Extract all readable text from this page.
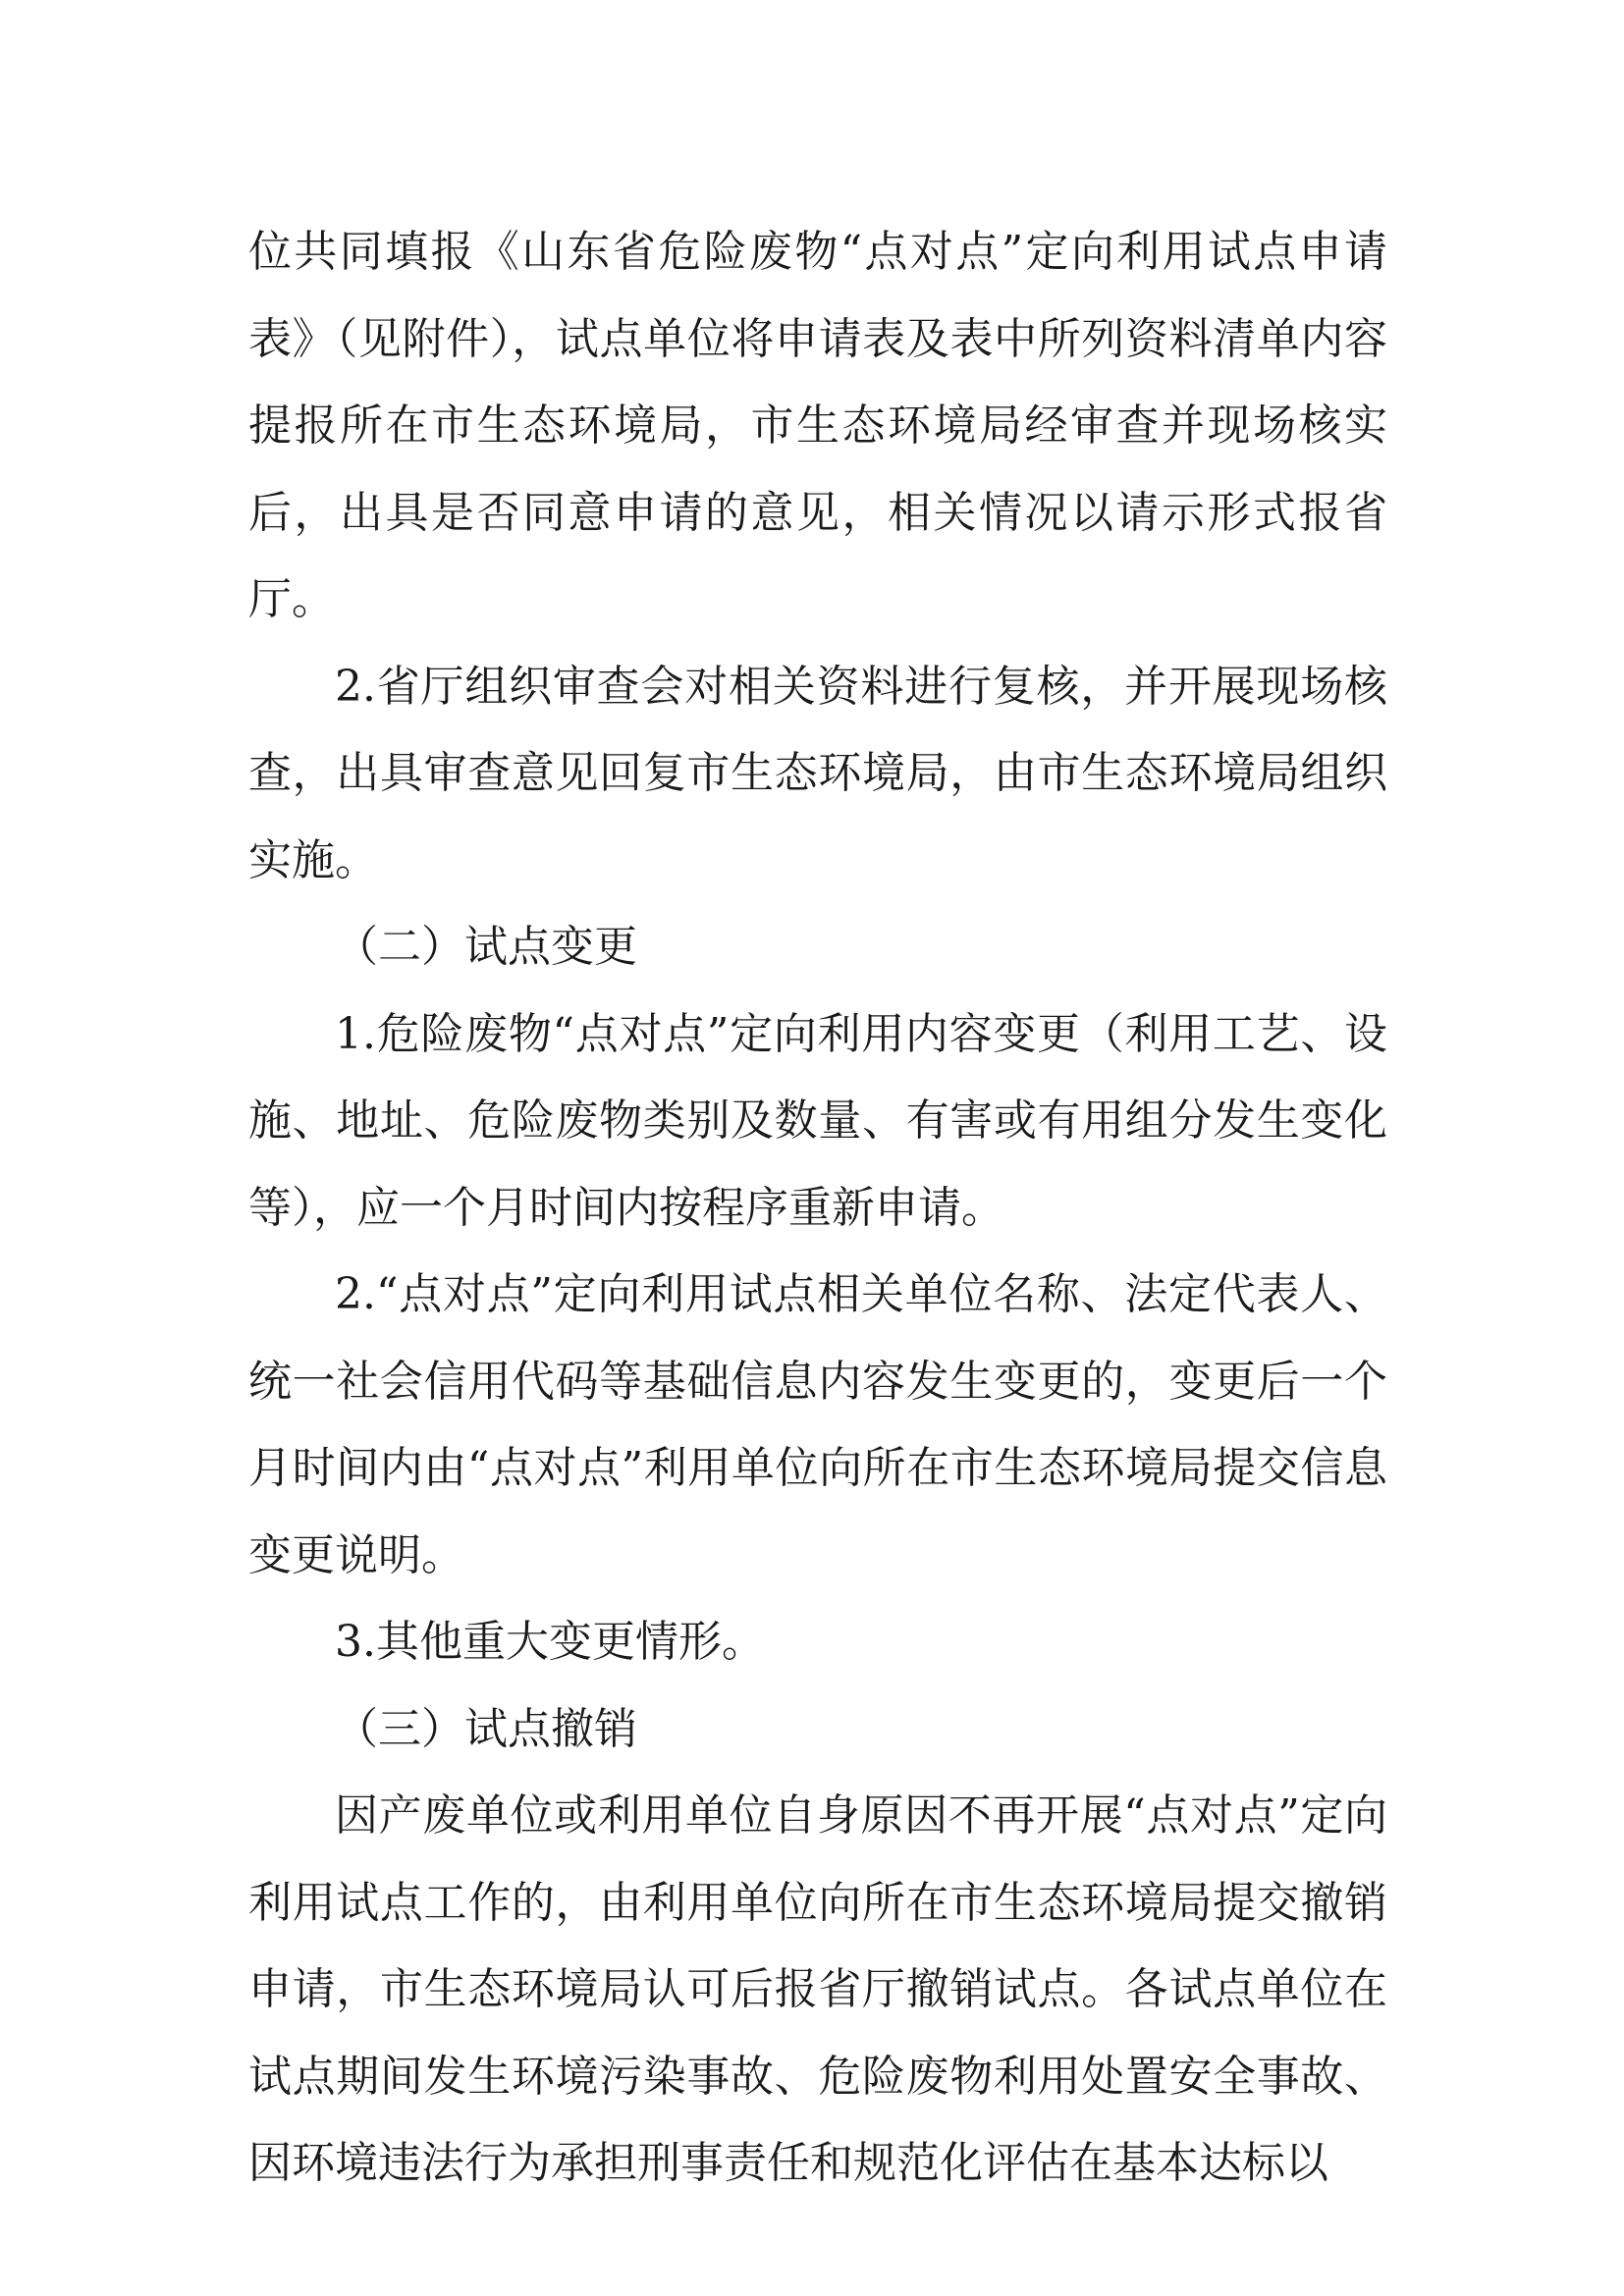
位共同填报《山东省危险废物“点对点”定向利用试点申请表》（见附件），试点单位将申请表及表中所列资料清单内容提报所在市生态环境局，市生态环境局经审查并现场核实后，出具是否同意申请的意见，相关情况以请示形式报省厅。

2.省厅组织审查会对相关资料进行复核，并开展现场核查，出具审查意见回复市生态环境局，由市生态环境局组织实施。

（二）试点变更

1.危险废物“点对点”定向利用内容变更（利用工艺、设施、地址、危险废物类别及数量、有害或有用组分发生变化等），应一个月时间内按程序重新申请。

2.“点对点”定向利用试点相关单位名称、法定代表人、统一社会信用代码等基础信息内容发生变更的，变更后一个月时间内由“点对点”利用单位向所在市生态环境局提交信息变更说明。

3.其他重大变更情形。

（三）试点撤销

因产废单位或利用单位自身原因不再开展“点对点”定向利用试点工作的，由利用单位向所在市生态环境局提交撤销申请，市生态环境局认可后报省厅撤销试点。各试点单位在试点期间发生环境污染事故、危险废物利用处置安全事故、因环境违法行为承担刑事责任和规范化评估在基本达标以
